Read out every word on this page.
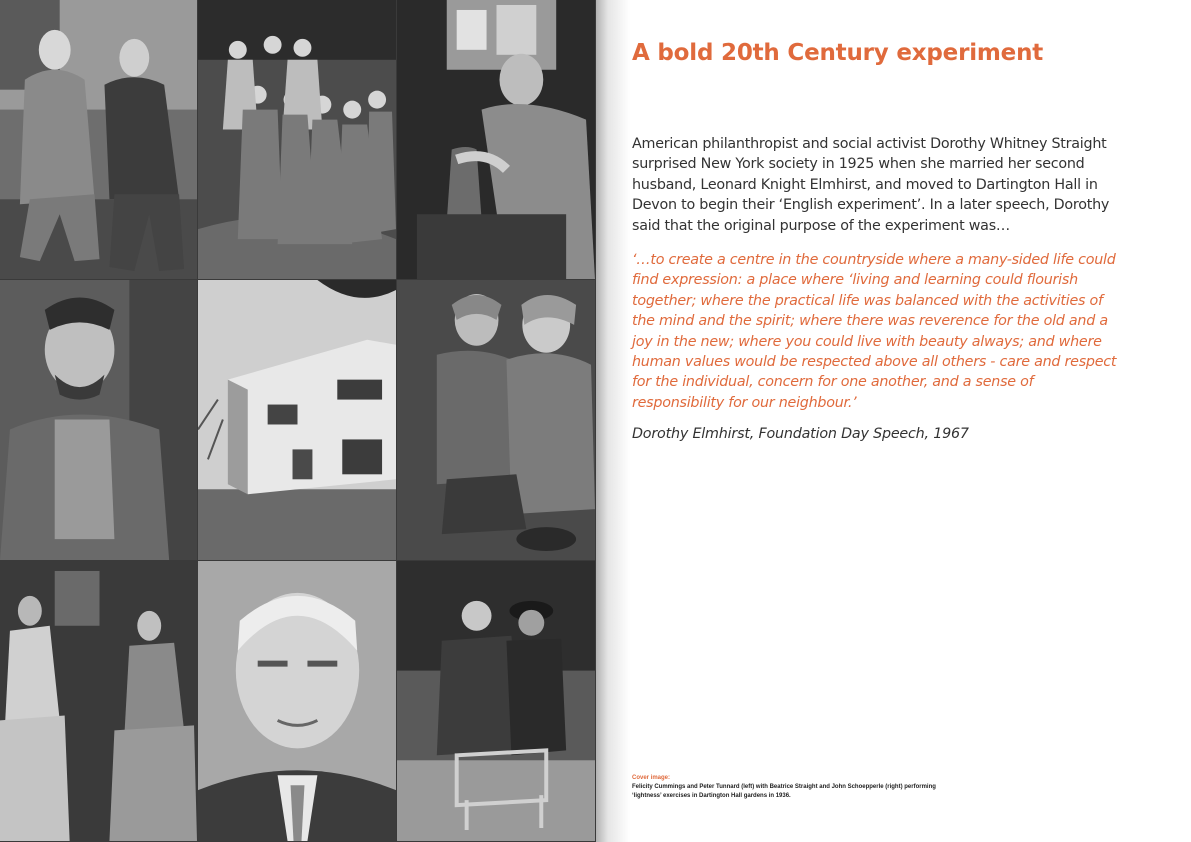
A bold 20th Century experiment

American philanthropist and social activist Dorothy Whitney Straight surprised New York society in 1925 when she married her second husband, Leonard Knight Elmhirst, and moved to Dartington Hall in Devon to begin their ‘English experiment’. In a later speech, Dorothy said that the original purpose of the experiment was…

‘…to create a centre in the countryside where a many-sided life could find expression: a place where ‘living and learning could flourish together; where the practical life was balanced with the activities of the mind and the spirit; where there was reverence for the old and a joy in the new; where you could live with beauty always; and where human values would be respected above all others - care and respect for the individual, concern for one another, and a sense of responsibility for our neighbour.’

Dorothy Elmhirst, Foundation Day Speech, 1967

Cover image:
Felicity Cummings and Peter Tunnard (left) with Beatrice Straight and John Schoepperle (right) performing ‘lightness’ exercises in Dartington Hall gardens in 1936.
